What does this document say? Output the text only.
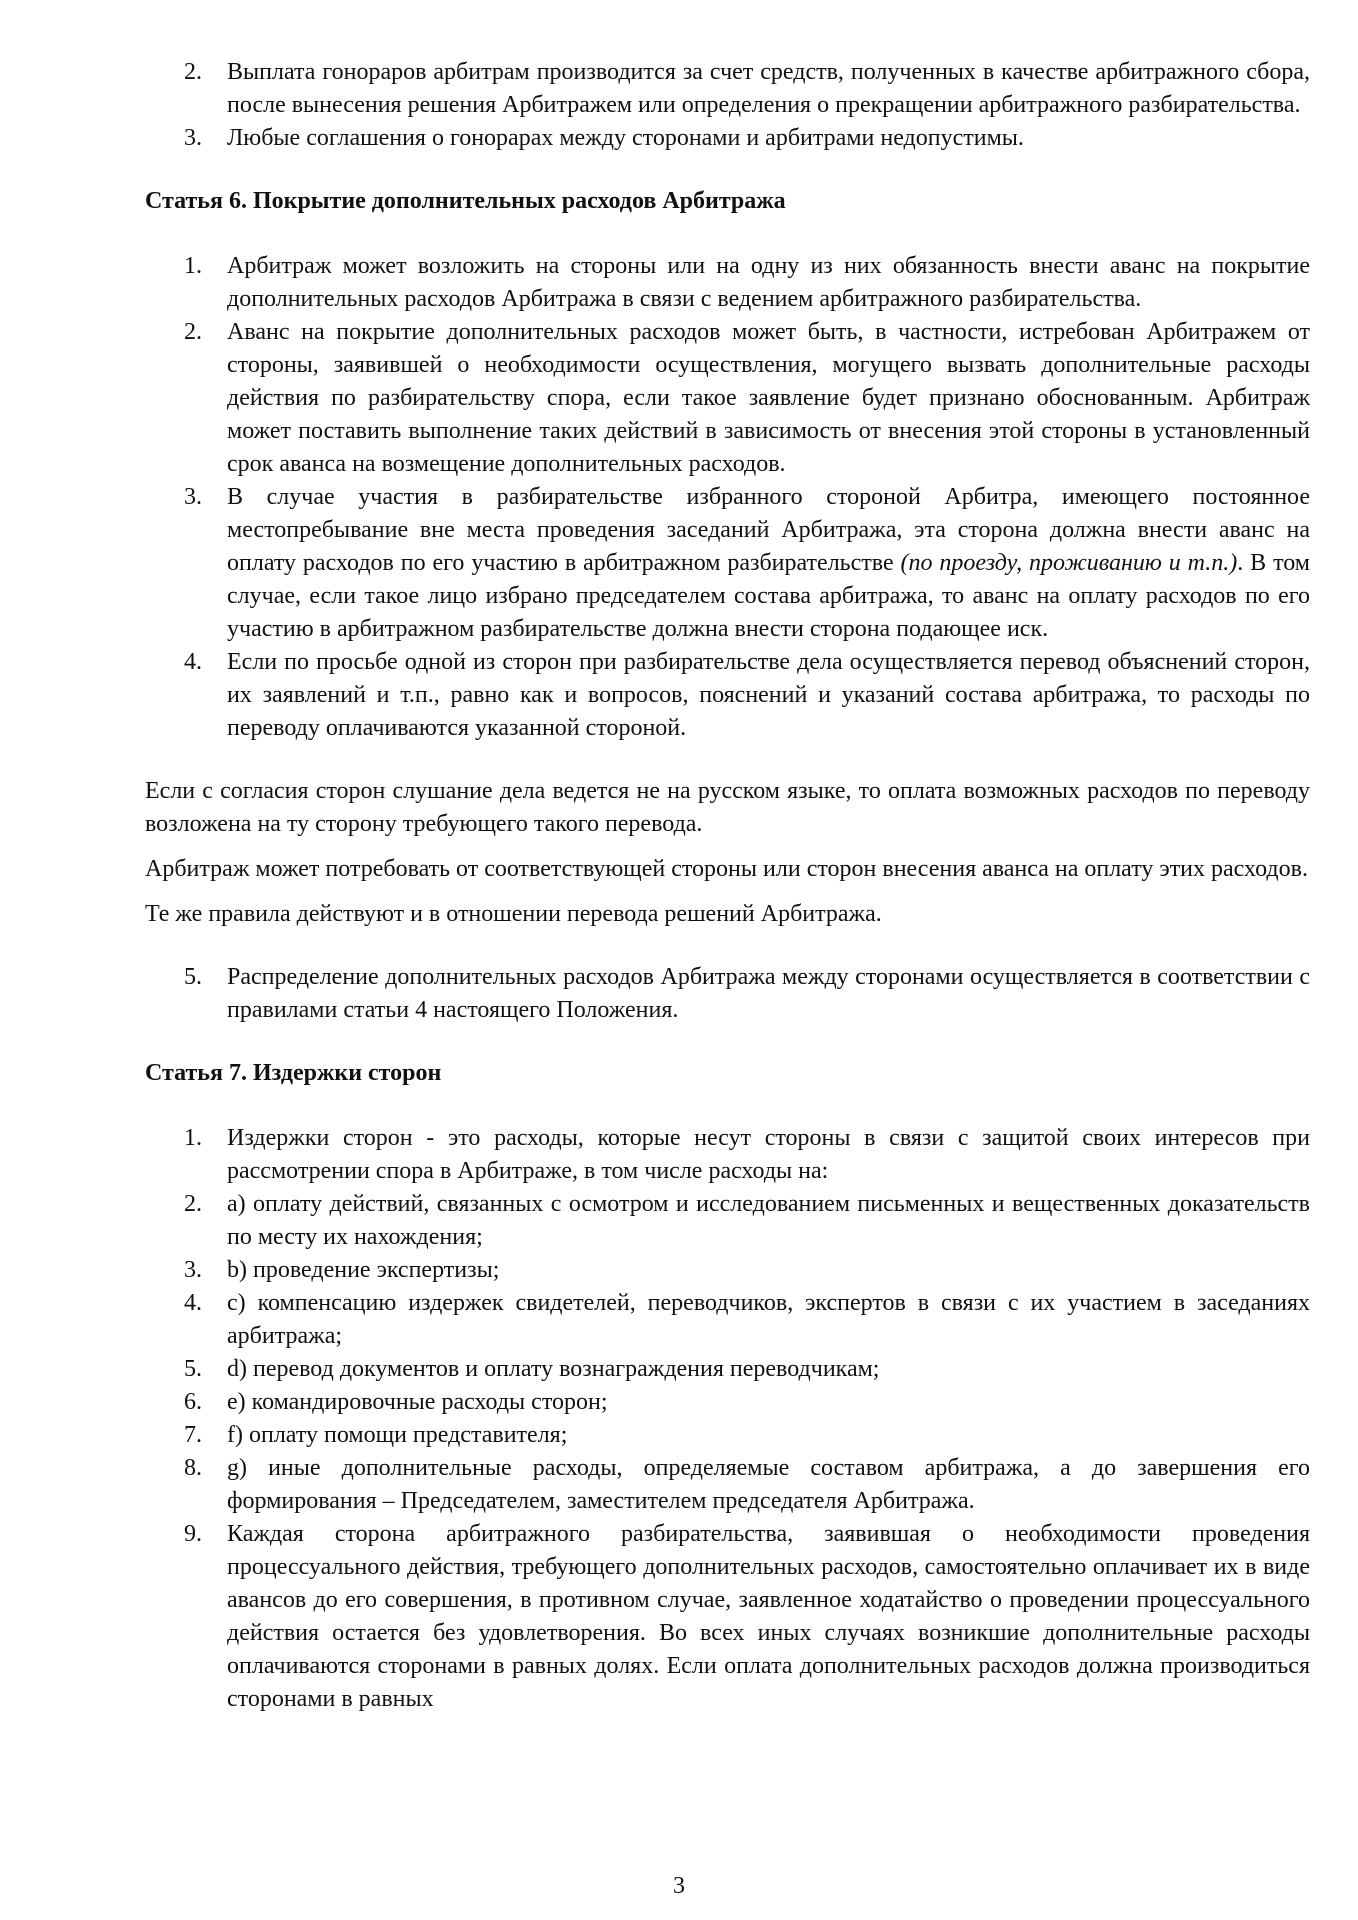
2.	Выплата гонораров арбитрам производится за счет средств, полученных в качестве арбитражного сбора, после вынесения решения Арбитражем или определения о прекращении арбитражного разбирательства.
3.	Любые соглашения о гонорарах между сторонами и арбитрами недопустимы.
Статья 6. Покрытие дополнительных расходов Арбитража
1.	Арбитраж может возложить на стороны или на одну из них обязанность внести аванс на покрытие дополнительных расходов Арбитража в связи с ведением арбитражного разбирательства.
2.	Аванс на покрытие дополнительных расходов может быть, в частности, истребован Арбитражем от стороны, заявившей о необходимости осуществления, могущего вызвать дополнительные расходы действия по разбирательству спора, если такое заявление будет признано обоснованным. Арбитраж может поставить выполнение таких действий в зависимость от внесения этой стороны в установленный срок аванса на возмещение дополнительных расходов.
3.	В случае участия в разбирательстве избранного стороной Арбитра, имеющего постоянное местопребывание вне места проведения заседаний Арбитража, эта сторона должна внести аванс на оплату расходов по его участию в арбитражном разбирательстве (по проезду, проживанию и т.п.). В том случае, если такое лицо избрано председателем состава арбитража, то аванс на оплату расходов по его участию в арбитражном разбирательстве должна внести сторона подающее иск.
4.	Если по просьбе одной из сторон при разбирательстве дела осуществляется перевод объяснений сторон, их заявлений и т.п., равно как и вопросов, пояснений и указаний состава арбитража, то расходы по переводу оплачиваются указанной стороной.

Если с согласия сторон слушание дела ведется не на русском языке, то оплата возможных расходов по переводу возложена на ту сторону требующего такого перевода.

Арбитраж может потребовать от соответствующей стороны или сторон внесения аванса на оплату этих расходов.

Те же правила действуют и в отношении перевода решений Арбитража.

5.	Распределение дополнительных расходов Арбитража между сторонами осуществляется в соответствии с правилами статьи 4 настоящего Положения.
Статья 7. Издержки сторон
1.	Издержки сторон - это расходы, которые несут стороны в связи с защитой своих интересов при рассмотрении спора в Арбитраже, в том числе расходы на:
2.	a) оплату действий, связанных с осмотром и исследованием письменных и вещественных доказательств по месту их нахождения;
3.	b) проведение экспертизы;
4.	c) компенсацию издержек свидетелей, переводчиков, экспертов в связи с их участием в заседаниях арбитража;
5.	d) перевод документов и оплату вознаграждения переводчикам;
6.	e) командировочные расходы сторон;
7.	f) оплату помощи представителя;
8.	g) иные дополнительные расходы, определяемые составом арбитража, а до завершения его формирования – Председателем, заместителем председателя Арбитража.
9.	Каждая сторона арбитражного разбирательства, заявившая о необходимости проведения процессуального действия, требующего дополнительных расходов, самостоятельно оплачивает их в виде авансов до его совершения, в противном случае, заявленное ходатайство о проведении процессуального действия остается без удовлетворения. Во всех иных случаях возникшие дополнительные расходы оплачиваются сторонами в равных долях. Если оплата дополнительных расходов должна производиться сторонами в равных
3
